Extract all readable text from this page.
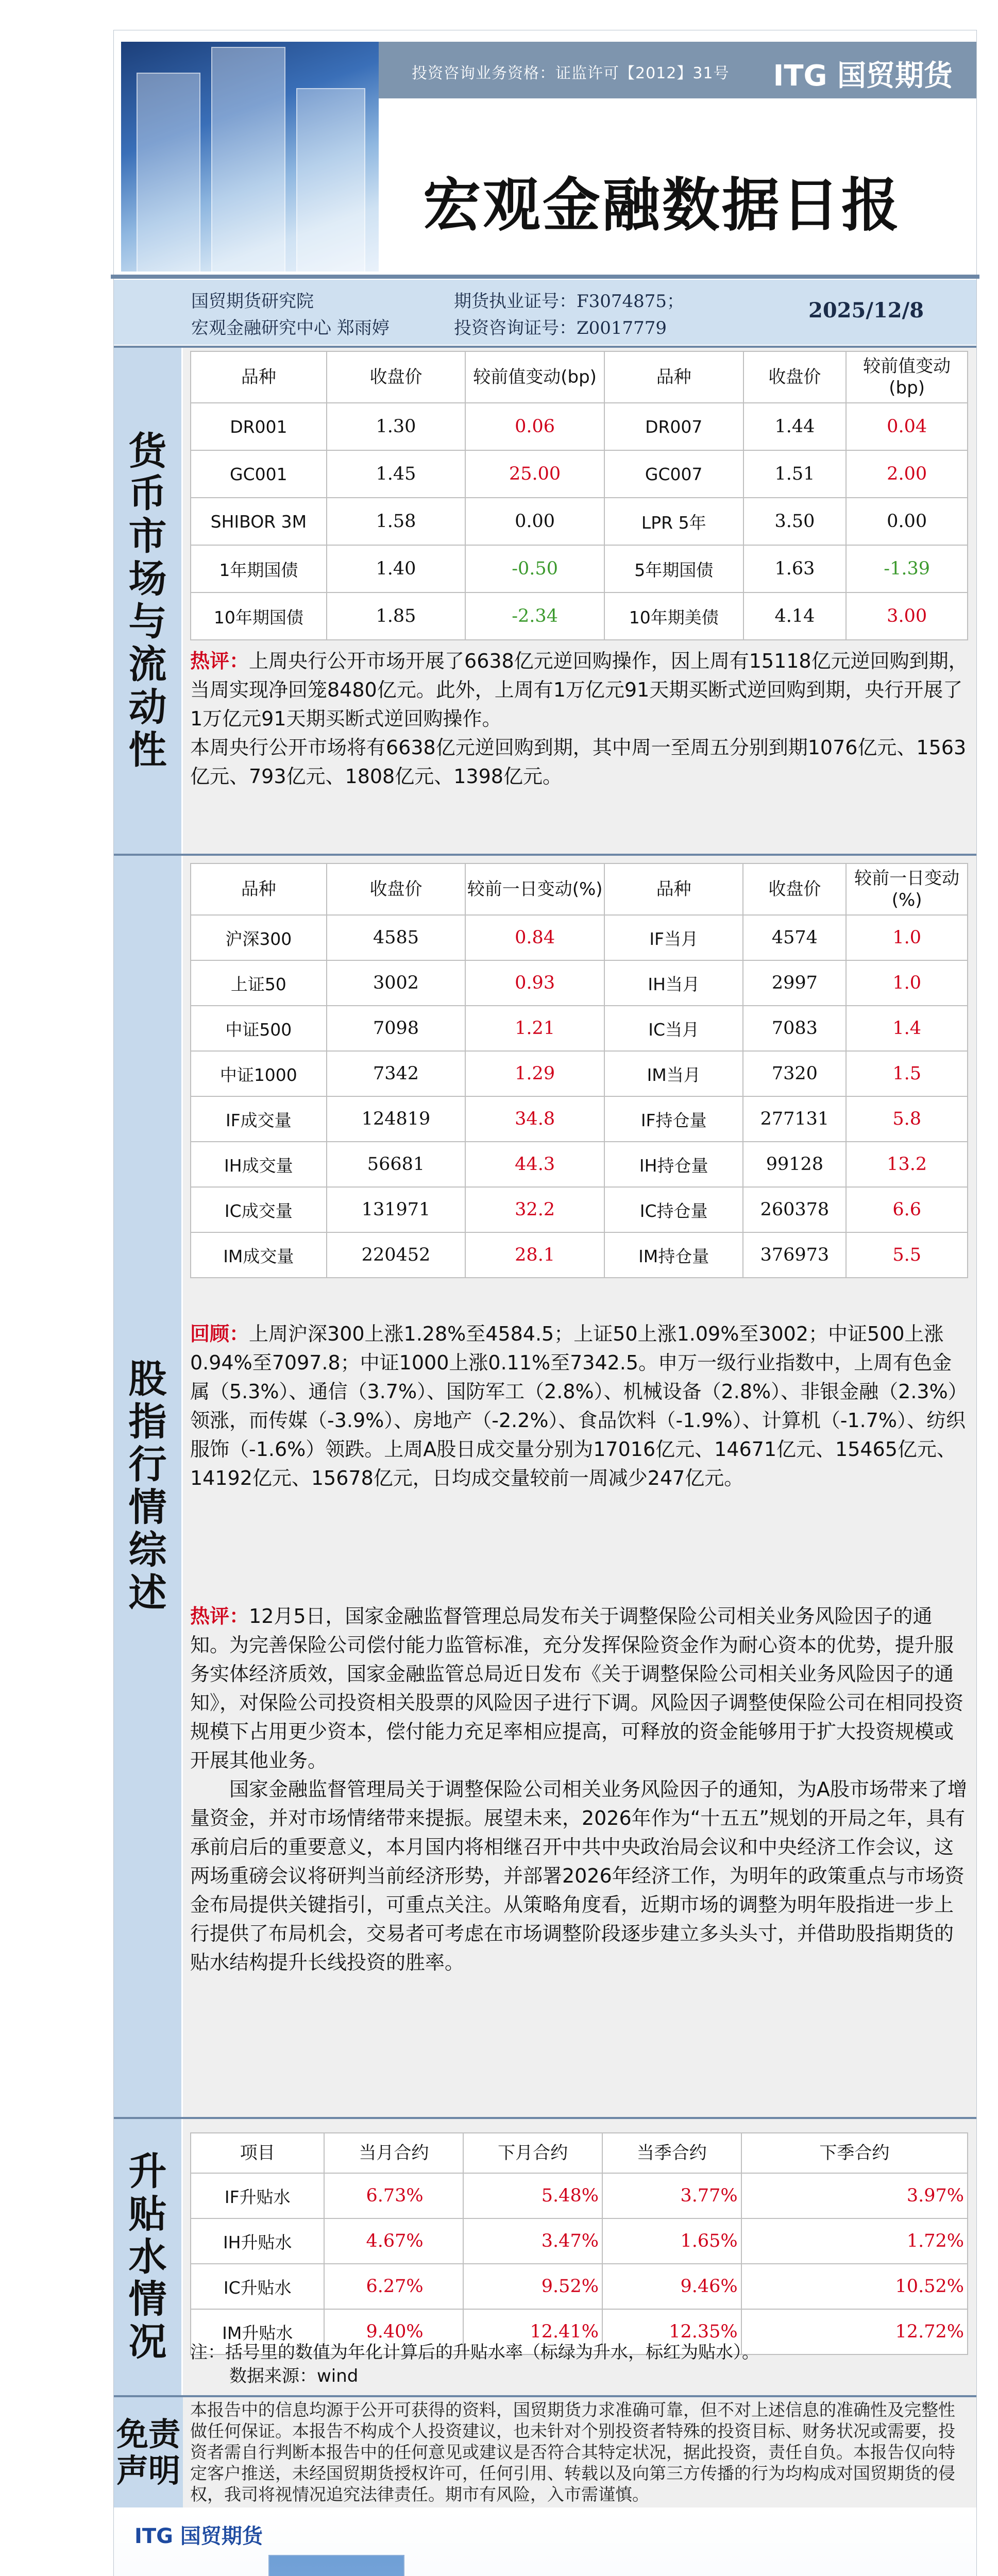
投资咨询业务资格：证监许可【2012】31号 ITG 国贸期货
宏观金融数据日报
国贸期货研究院
宏观金融研究中心 郑雨婷
期货执业证号：F3074875；
投资咨询证号：Z0017779
2025/12/8
货
币
市
场
与
流
动
性
品种	收盘价	较前值变动(bp)	品种	收盘价	较前值变动(bp)
DR001	1.30	0.06	DR007	1.44	0.04
GC001	1.45	25.00	GC007	1.51	2.00
SHIBOR 3M	1.58	0.00	LPR 5年	3.50	0.00
1年期国债	1.40	-0.50	5年期国债	1.63	-1.39
10年期国债	1.85	-2.34	10年期美债	4.14	3.00

热评：上周央行公开市场开展了6638亿元逆回购操作，因上周有15118亿元逆回购到期，当周实现净回笼8480亿元。此外，上周有1万亿元91天期买断式逆回购到期，央行开展了1万亿元91天期买断式逆回购操作。

本周央行公开市场将有6638亿元逆回购到期，其中周一至周五分别到期1076亿元、1563亿元、793亿元、1808亿元、1398亿元。

股
指
行
情
综
述
品种	收盘价	较前一日变动(%)	品种	收盘价	较前一日变动(%)
沪深300	4585	0.84	IF当月	4574	1.0
上证50	3002	0.93	IH当月	2997	1.0
中证500	7098	1.21	IC当月	7083	1.4
中证1000	7342	1.29	IM当月	7320	1.5
IF成交量	124819	34.8	IF持仓量	277131	5.8
IH成交量	56681	44.3	IH持仓量	99128	13.2
IC成交量	131971	32.2	IC持仓量	260378	6.6
IM成交量	220452	28.1	IM持仓量	376973	5.5

回顾：上周沪深300上涨1.28%至4584.5；上证50上涨1.09%至3002；中证500上涨0.94%至7097.8；中证1000上涨0.11%至7342.5。申万一级行业指数中，上周有色金属（5.3%）、通信（3.7%）、国防军工（2.8%）、机械设备（2.8%）、非银金融（2.3%）领涨，而传媒（-3.9%）、房地产（-2.2%）、食品饮料（-1.9%）、计算机（-1.7%）、纺织服饰（-1.6%）领跌。上周A股日成交量分别为17016亿元、14671亿元、15465亿元、14192亿元、15678亿元，日均成交量较前一周减少247亿元。

热评：12月5日，国家金融监督管理总局发布关于调整保险公司相关业务风险因子的通知。为完善保险公司偿付能力监管标准，充分发挥保险资金作为耐心资本的优势，提升服务实体经济质效，国家金融监管总局近日发布《关于调整保险公司相关业务风险因子的通知》，对保险公司投资相关股票的风险因子进行下调。风险因子调整使保险公司在相同投资规模下占用更少资本，偿付能力充足率相应提高，可释放的资金能够用于扩大投资规模或开展其他业务。

国家金融监督管理局关于调整保险公司相关业务风险因子的通知，为A股市场带来了增量资金，并对市场情绪带来提振。展望未来，2026年作为“十五五”规划的开局之年，具有承前启后的重要意义，本月国内将相继召开中共中央政治局会议和中央经济工作会议，这两场重磅会议将研判当前经济形势，并部署2026年经济工作，为明年的政策重点与市场资金布局提供关键指引，可重点关注。从策略角度看，近期市场的调整为明年股指进一步上行提供了布局机会，交易者可考虑在市场调整阶段逐步建立多头头寸，并借助股指期货的贴水结构提升长线投资的胜率。

升
贴
水
情
况
项目	当月合约	下月合约	当季合约	下季合约
IF升贴水	6.73%	5.48%	3.77%	3.97%
IH升贴水	4.67%	3.47%	1.65%	1.72%
IC升贴水	6.27%	9.52%	9.46%	10.52%
IM升贴水	9.40%	12.41%	12.35%	12.72%

注：括号里的数值为年化计算后的升贴水率（标绿为升水，标红为贴水）。

数据来源：wind

免责
声明
本报告中的信息均源于公开可获得的资料，国贸期货力求准确可靠，但不对上述信息的准确性及完整性做任何保证。本报告不构成个人投资建议，也未针对个别投资者特殊的投资目标、财务状况或需要，投资者需自行判断本报告中的任何意见或建议是否符合其特定状况，据此投资，责任自负。本报告仅向特定客户推送，未经国贸期货授权许可，任何引用、转载以及向第三方传播的行为均构成对国贸期货的侵权，我司将视情况追究法律责任。期市有风险，入市需谨慎。
ITG 国贸期货
